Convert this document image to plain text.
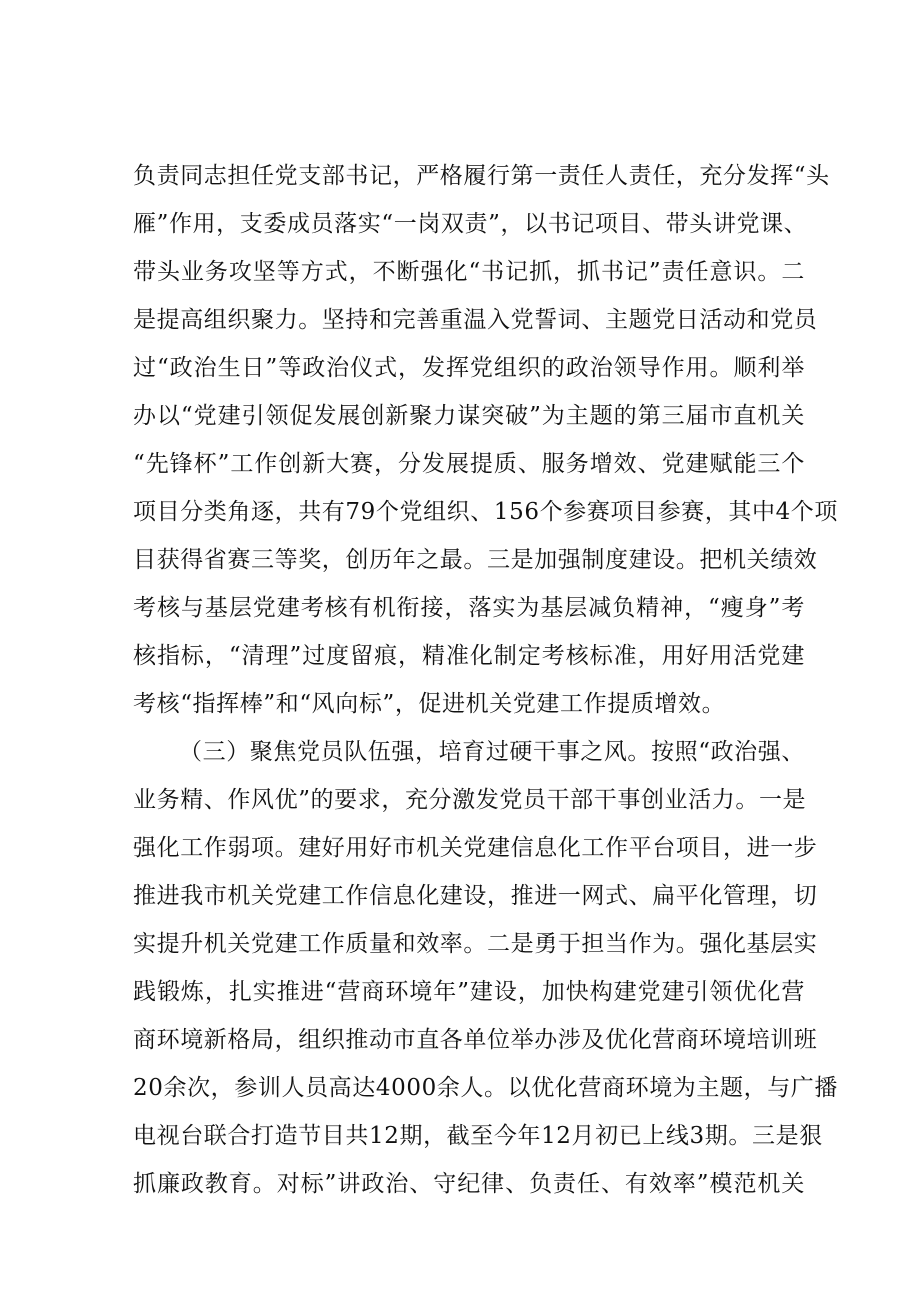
负责同志担任党支部书记，严格履行第一责任人责任，充分发挥“头
雁”作用，支委成员落实“一岗双责”，以书记项目、带头讲党课、
带头业务攻坚等方式，不断强化“书记抓，抓书记”责任意识。二
是提高组织聚力。坚持和完善重温入党誓词、主题党日活动和党员
过“政治生日”等政治仪式，发挥党组织的政治领导作用。顺利举
办以“党建引领促发展创新聚力谋突破”为主题的第三届市直机关
“先锋杯”工作创新大赛，分发展提质、服务增效、党建赋能三个
项目分类角逐，共有79个党组织、156个参赛项目参赛，其中4个项
目获得省赛三等奖，创历年之最。三是加强制度建设。把机关绩效
考核与基层党建考核有机衔接，落实为基层减负精神，“瘦身”考
核指标，“清理”过度留痕，精准化制定考核标准，用好用活党建
考核“指挥棒”和“风向标”，促进机关党建工作提质增效。
（三）聚焦党员队伍强，培育过硬干事之风。按照“政治强、
业务精、作风优”的要求，充分激发党员干部干事创业活力。一是
强化工作弱项。建好用好市机关党建信息化工作平台项目，进一步
推进我市机关党建工作信息化建设，推进一网式、扁平化管理，切
实提升机关党建工作质量和效率。二是勇于担当作为。强化基层实
践锻炼，扎实推进“营商环境年”建设，加快构建党建引领优化营
商环境新格局，组织推动市直各单位举办涉及优化营商环境培训班
20余次，参训人员高达4000余人。以优化营商环境为主题，与广播
电视台联合打造节目共12期，截至今年12月初已上线3期。三是狠
抓廉政教育。对标”讲政治、守纪律、负责任、有效率”模范机关
